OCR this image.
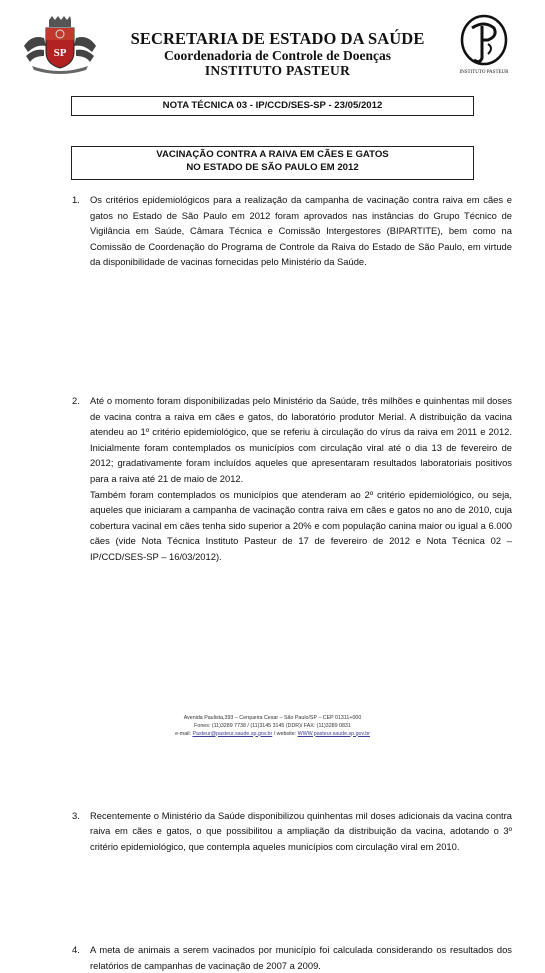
SP
SECRETARIA DE ESTADO DA SAÚDE
Coordenadoria de Controle de Doenças
INSTITUTO PASTEUR	INSTITUTO PASTEUR
NOTA TÉCNICA 03 - IP/CCD/SES-SP - 23/05/2012
VACINAÇÃO CONTRA A RAIVA EM CÃES E GATOS
NO ESTADO DE SÃO PAULO EM 2012
1. Os critérios epidemiológicos para a realização da campanha de vacinação contra raiva em cães e gatos no Estado de São Paulo em 2012 foram aprovados nas instâncias do Grupo Técnico de Vigilância em Saúde, Câmara Técnica e Comissão Intergestores (BIPARTITE), bem como na Comissão de Coordenação do Programa de Controle da Raiva do Estado de São Paulo, em virtude da disponibilidade de vacinas fornecidas pelo Ministério da Saúde.
2. Até o momento foram disponibilizadas pelo Ministério da Saúde, três milhões e quinhentas mil doses de vacina contra a raiva em cães e gatos, do laboratório produtor Merial. A distribuição da vacina atendeu ao 1º critério epidemiológico, que se referiu à circulação do vírus da raiva em 2011 e 2012. Inicialmente foram contemplados os municípios com circulação viral até o dia 13 de fevereiro de 2012; gradativamente foram incluídos aqueles que apresentaram resultados laboratoriais positivos para a raiva até 21 de maio de 2012.

Também foram contemplados os municípios que atenderam ao 2º critério epidemiológico, ou seja, aqueles que iniciaram a campanha de vacinação contra raiva em cães e gatos no ano de 2010, cuja cobertura vacinal em cães tenha sido superior a 20% e com população canina maior ou igual a 6.000 cães (vide Nota Técnica Instituto Pasteur de 17 de fevereiro de 2012 e Nota Técnica 02 – IP/CCD/SES-SP – 16/03/2012).

3. Recentemente o Ministério da Saúde disponibilizou quinhentas mil doses adicionais da vacina contra raiva em cães e gatos, o que possibilitou a ampliação da distribuição da vacina, adotando o 3º critério epidemiológico, que contempla aqueles municípios com circulação viral em 2010.
4. A meta de animais a serem vacinados por município foi calculada considerando os resultados dos relatórios de campanhas de vacinação de 2007 a 2009.
Avenida Paulista,393 – Cerqueira Cesar – São Paulo/SP – CEP 01311+000
Fones: (11)3289 7738 / (11)3145 3145 (DDR)/ FAX: (11)3289 0831
e-mail: Pasteur@pasteur.saude.sp.gov.br / website: WWW.pasteur.saude.sp.gov.br
